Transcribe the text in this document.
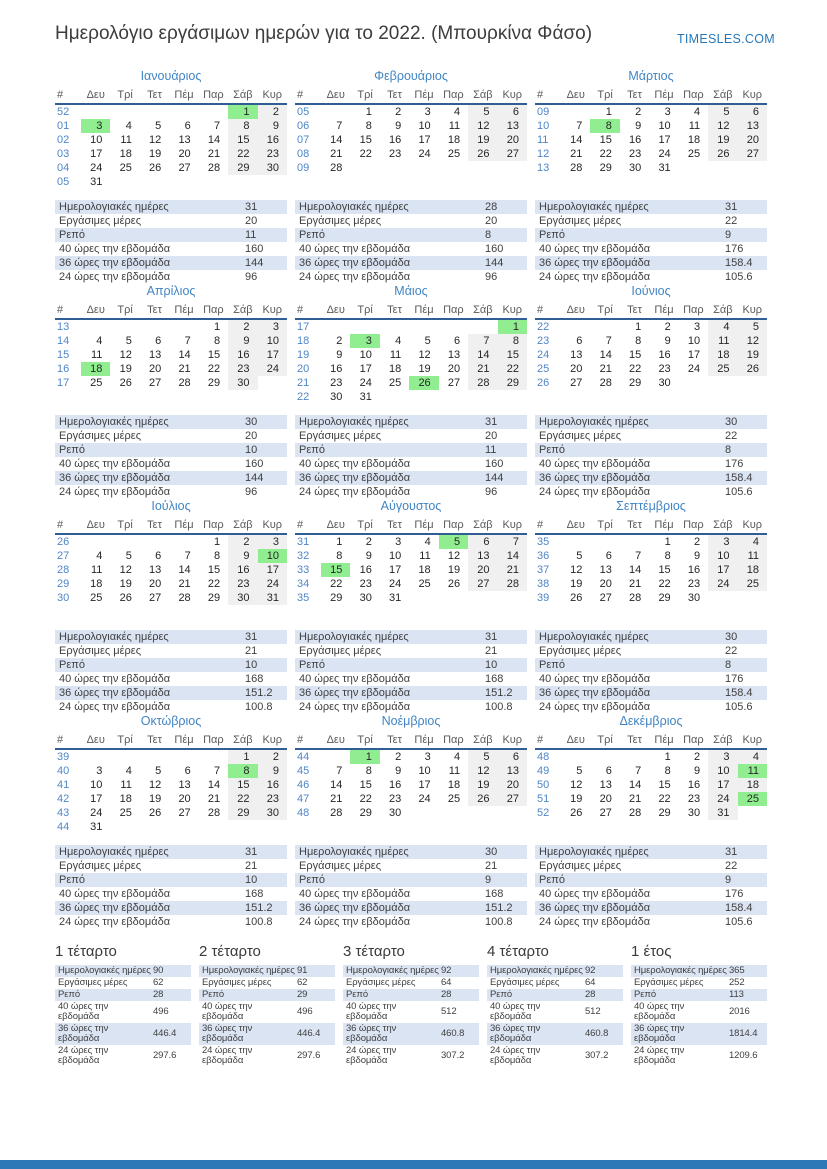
Ημερολόγιο εργάσιμων ημερών για το 2022. (Μπουρκίνα Φάσο)	TIMESLES.COM
Ιανουάριος
#	Δευ	Τρί	Τετ	Πέμ	Παρ	Σάβ	Κυρ
52						1	2
01	3	4	5	6	7	8	9
02	10	11	12	13	14	15	16
03	17	18	19	20	21	22	23
04	24	25	26	27	28	29	30
05	31						
Ημερολογιακές ημέρες	31
Εργάσιμες μέρες	20
Ρεπό	11
40 ώρες την εβδομάδα	160
36 ώρες την εβδομάδα	144
24 ώρες την εβδομάδα	96
Φεβρουάριος
#	Δευ	Τρί	Τετ	Πέμ	Παρ	Σάβ	Κυρ
05		1	2	3	4	5	6
06	7	8	9	10	11	12	13
07	14	15	16	17	18	19	20
08	21	22	23	24	25	26	27
09	28						
Ημερολογιακές ημέρες	28
Εργάσιμες μέρες	20
Ρεπό	8
40 ώρες την εβδομάδα	160
36 ώρες την εβδομάδα	144
24 ώρες την εβδομάδα	96
Μάρτιος
#	Δευ	Τρί	Τετ	Πέμ	Παρ	Σάβ	Κυρ
09		1	2	3	4	5	6
10	7	8	9	10	11	12	13
11	14	15	16	17	18	19	20
12	21	22	23	24	25	26	27
13	28	29	30	31			
Ημερολογιακές ημέρες	31
Εργάσιμες μέρες	22
Ρεπό	9
40 ώρες την εβδομάδα	176
36 ώρες την εβδομάδα	158.4
24 ώρες την εβδομάδα	105.6
Απρίλιος
#	Δευ	Τρί	Τετ	Πέμ	Παρ	Σάβ	Κυρ
13					1	2	3
14	4	5	6	7	8	9	10
15	11	12	13	14	15	16	17
16	18	19	20	21	22	23	24
17	25	26	27	28	29	30	
Ημερολογιακές ημέρες	30
Εργάσιμες μέρες	20
Ρεπό	10
40 ώρες την εβδομάδα	160
36 ώρες την εβδομάδα	144
24 ώρες την εβδομάδα	96
Μάιος
#	Δευ	Τρί	Τετ	Πέμ	Παρ	Σάβ	Κυρ
17							1
18	2	3	4	5	6	7	8
19	9	10	11	12	13	14	15
20	16	17	18	19	20	21	22
21	23	24	25	26	27	28	29
22	30	31					
Ημερολογιακές ημέρες	31
Εργάσιμες μέρες	20
Ρεπό	11
40 ώρες την εβδομάδα	160
36 ώρες την εβδομάδα	144
24 ώρες την εβδομάδα	96
Ιούνιος
#	Δευ	Τρί	Τετ	Πέμ	Παρ	Σάβ	Κυρ
22			1	2	3	4	5
23	6	7	8	9	10	11	12
24	13	14	15	16	17	18	19
25	20	21	22	23	24	25	26
26	27	28	29	30			
Ημερολογιακές ημέρες	30
Εργάσιμες μέρες	22
Ρεπό	8
40 ώρες την εβδομάδα	176
36 ώρες την εβδομάδα	158.4
24 ώρες την εβδομάδα	105.6
Ιούλιος
#	Δευ	Τρί	Τετ	Πέμ	Παρ	Σάβ	Κυρ
26					1	2	3
27	4	5	6	7	8	9	10
28	11	12	13	14	15	16	17
29	18	19	20	21	22	23	24
30	25	26	27	28	29	30	31
Ημερολογιακές ημέρες	31
Εργάσιμες μέρες	21
Ρεπό	10
40 ώρες την εβδομάδα	168
36 ώρες την εβδομάδα	151.2
24 ώρες την εβδομάδα	100.8
Αύγουστος
#	Δευ	Τρί	Τετ	Πέμ	Παρ	Σάβ	Κυρ
31	1	2	3	4	5	6	7
32	8	9	10	11	12	13	14
33	15	16	17	18	19	20	21
34	22	23	24	25	26	27	28
35	29	30	31				
Ημερολογιακές ημέρες	31
Εργάσιμες μέρες	21
Ρεπό	10
40 ώρες την εβδομάδα	168
36 ώρες την εβδομάδα	151.2
24 ώρες την εβδομάδα	100.8
Σεπτέμβριος
#	Δευ	Τρί	Τετ	Πέμ	Παρ	Σάβ	Κυρ
35				1	2	3	4
36	5	6	7	8	9	10	11
37	12	13	14	15	16	17	18
38	19	20	21	22	23	24	25
39	26	27	28	29	30		
Ημερολογιακές ημέρες	30
Εργάσιμες μέρες	22
Ρεπό	8
40 ώρες την εβδομάδα	176
36 ώρες την εβδομάδα	158.4
24 ώρες την εβδομάδα	105.6
Οκτώβριος
#	Δευ	Τρί	Τετ	Πέμ	Παρ	Σάβ	Κυρ
39						1	2
40	3	4	5	6	7	8	9
41	10	11	12	13	14	15	16
42	17	18	19	20	21	22	23
43	24	25	26	27	28	29	30
44	31						
Ημερολογιακές ημέρες	31
Εργάσιμες μέρες	21
Ρεπό	10
40 ώρες την εβδομάδα	168
36 ώρες την εβδομάδα	151.2
24 ώρες την εβδομάδα	100.8
Νοέμβριος
#	Δευ	Τρί	Τετ	Πέμ	Παρ	Σάβ	Κυρ
44		1	2	3	4	5	6
45	7	8	9	10	11	12	13
46	14	15	16	17	18	19	20
47	21	22	23	24	25	26	27
48	28	29	30				
Ημερολογιακές ημέρες	30
Εργάσιμες μέρες	21
Ρεπό	9
40 ώρες την εβδομάδα	168
36 ώρες την εβδομάδα	151.2
24 ώρες την εβδομάδα	100.8
Δεκέμβριος
#	Δευ	Τρί	Τετ	Πέμ	Παρ	Σάβ	Κυρ
48				1	2	3	4
49	5	6	7	8	9	10	11
50	12	13	14	15	16	17	18
51	19	20	21	22	23	24	25
52	26	27	28	29	30	31	
Ημερολογιακές ημέρες	31
Εργάσιμες μέρες	22
Ρεπό	9
40 ώρες την εβδομάδα	176
36 ώρες την εβδομάδα	158.4
24 ώρες την εβδομάδα	105.6
1 τέταρτο
Ημερολογιακές ημέρες	90
Εργάσιμες μέρες	62
Ρεπό	28
40 ώρες την εβδομάδα	496
36 ώρες την εβδομάδα	446.4
24 ώρες την εβδομάδα	297.6
2 τέταρτο
Ημερολογιακές ημέρες	91
Εργάσιμες μέρες	62
Ρεπό	29
40 ώρες την εβδομάδα	496
36 ώρες την εβδομάδα	446.4
24 ώρες την εβδομάδα	297.6
3 τέταρτο
Ημερολογιακές ημέρες	92
Εργάσιμες μέρες	64
Ρεπό	28
40 ώρες την εβδομάδα	512
36 ώρες την εβδομάδα	460.8
24 ώρες την εβδομάδα	307.2
4 τέταρτο
Ημερολογιακές ημέρες	92
Εργάσιμες μέρες	64
Ρεπό	28
40 ώρες την εβδομάδα	512
36 ώρες την εβδομάδα	460.8
24 ώρες την εβδομάδα	307.2
1 έτος
Ημερολογιακές ημέρες	365
Εργάσιμες μέρες	252
Ρεπό	113
40 ώρες την εβδομάδα	2016
36 ώρες την εβδομάδα	1814.4
24 ώρες την εβδομάδα	1209.6
